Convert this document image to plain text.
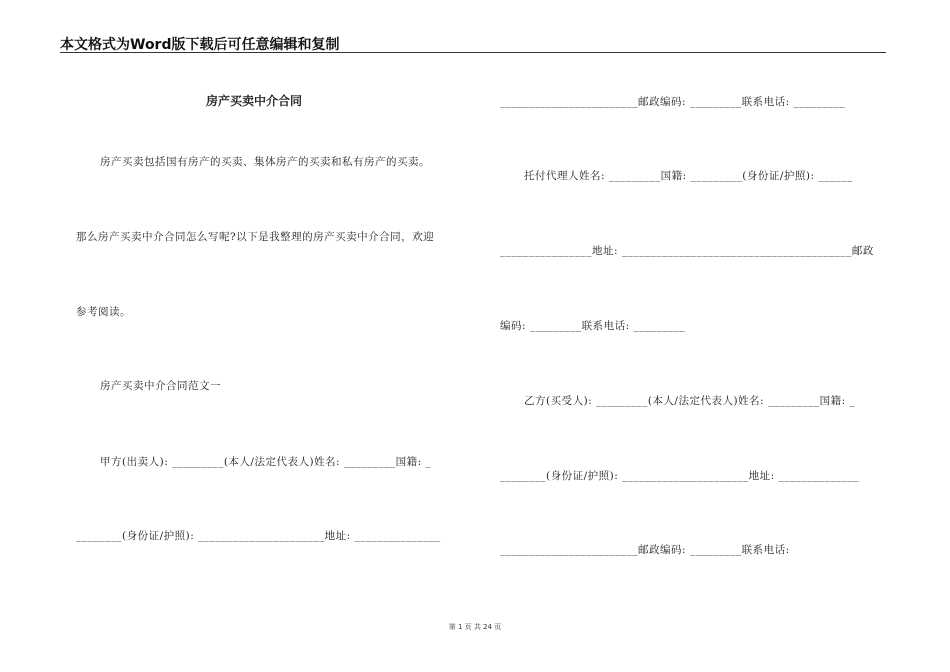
本文格式为Word版下载后可任意编辑和复制
房产买卖中介合同
房产买卖包括国有房产的买卖、集体房产的买卖和私有房产的买卖。
那么房产买卖中介合同怎么写呢?以下是我整理的房产买卖中介合同，欢迎
参考阅读。
房产买卖中介合同范文一
甲方(出卖人): _________(本人/法定代表人)姓名: _________国籍: _
________(身份证/护照): ______________________地址: _______________
________________________邮政编码: _________联系电话: _________
托付代理人姓名: _________国籍: _________(身份证/护照): ______
________________地址: ________________________________________邮政
编码: _________联系电话: _________
乙方(买受人): _________(本人/法定代表人)姓名: _________国籍: _
________(身份证/护照): ______________________地址: ______________
________________________邮政编码: _________联系电话:
第 1 页 共 24 页
